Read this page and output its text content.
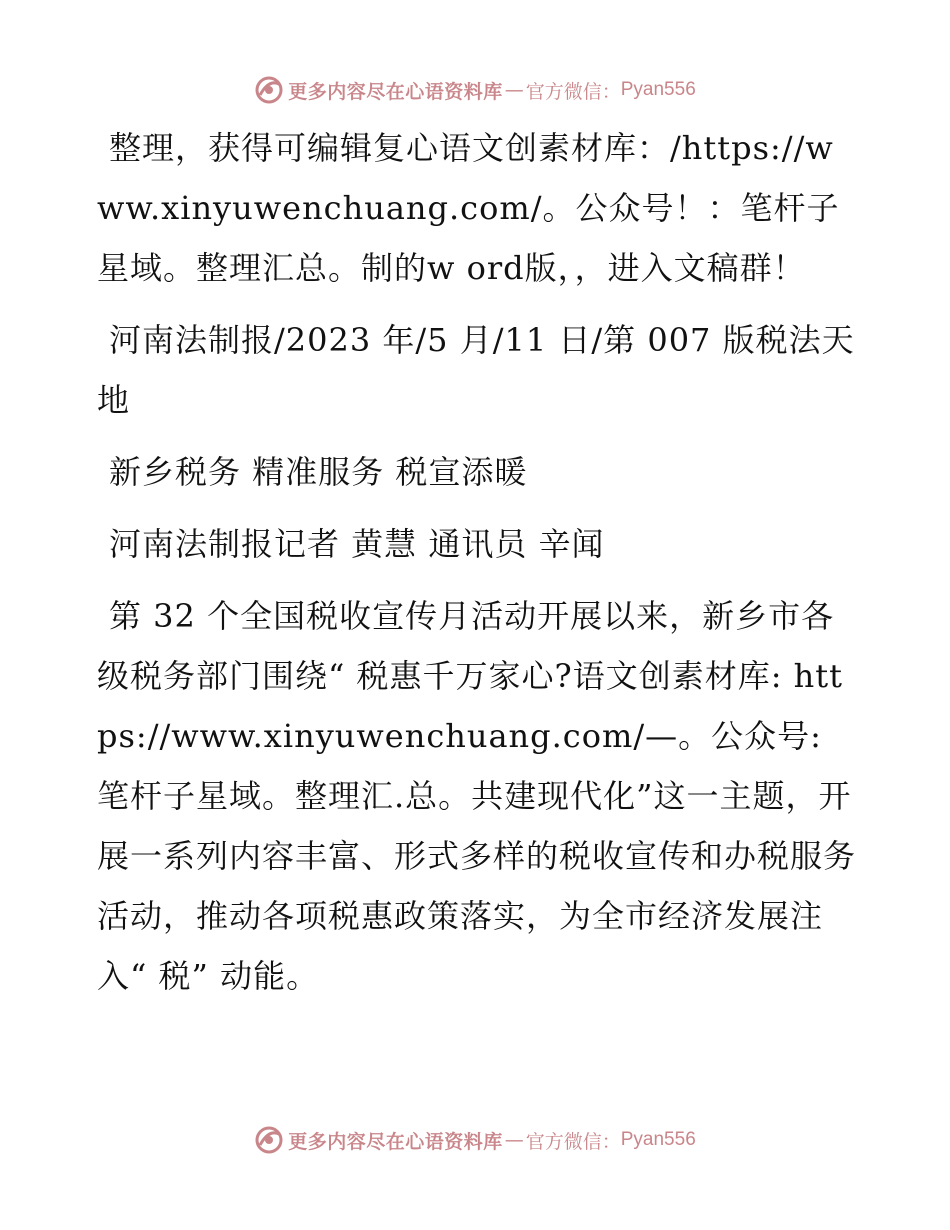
更多内容尽在心语资料库 — 官方微信： Pyan556

整理，获得可编辑复心语文创素材库：/https://www.xinyuwenchuang.com/。公众号！：笔杆子星域。整理汇总。制的w ord版，，进入文稿群！

河南法制报/2023 年/5 月/11 日/第 007 版税法天地

新乡税务 精准服务 税宣添暖

河南法制报记者 黄慧 通讯员 辛闻

第 32 个全国税收宣传月活动开展以来，新乡市各级税务部门围绕“ 税惠千万家心?语文创素材库: https://www.xinyuwenchuang.com/—。公众号: 笔杆子星域。整理汇.总。共建现代化”这一主题，开展一系列内容丰富、形式多样的税收宣传和办税服务活动，推动各项税惠政策落实，为全市经济发展注入“ 税” 动能。

更多内容尽在心语资料库 — 官方微信： Pyan556
